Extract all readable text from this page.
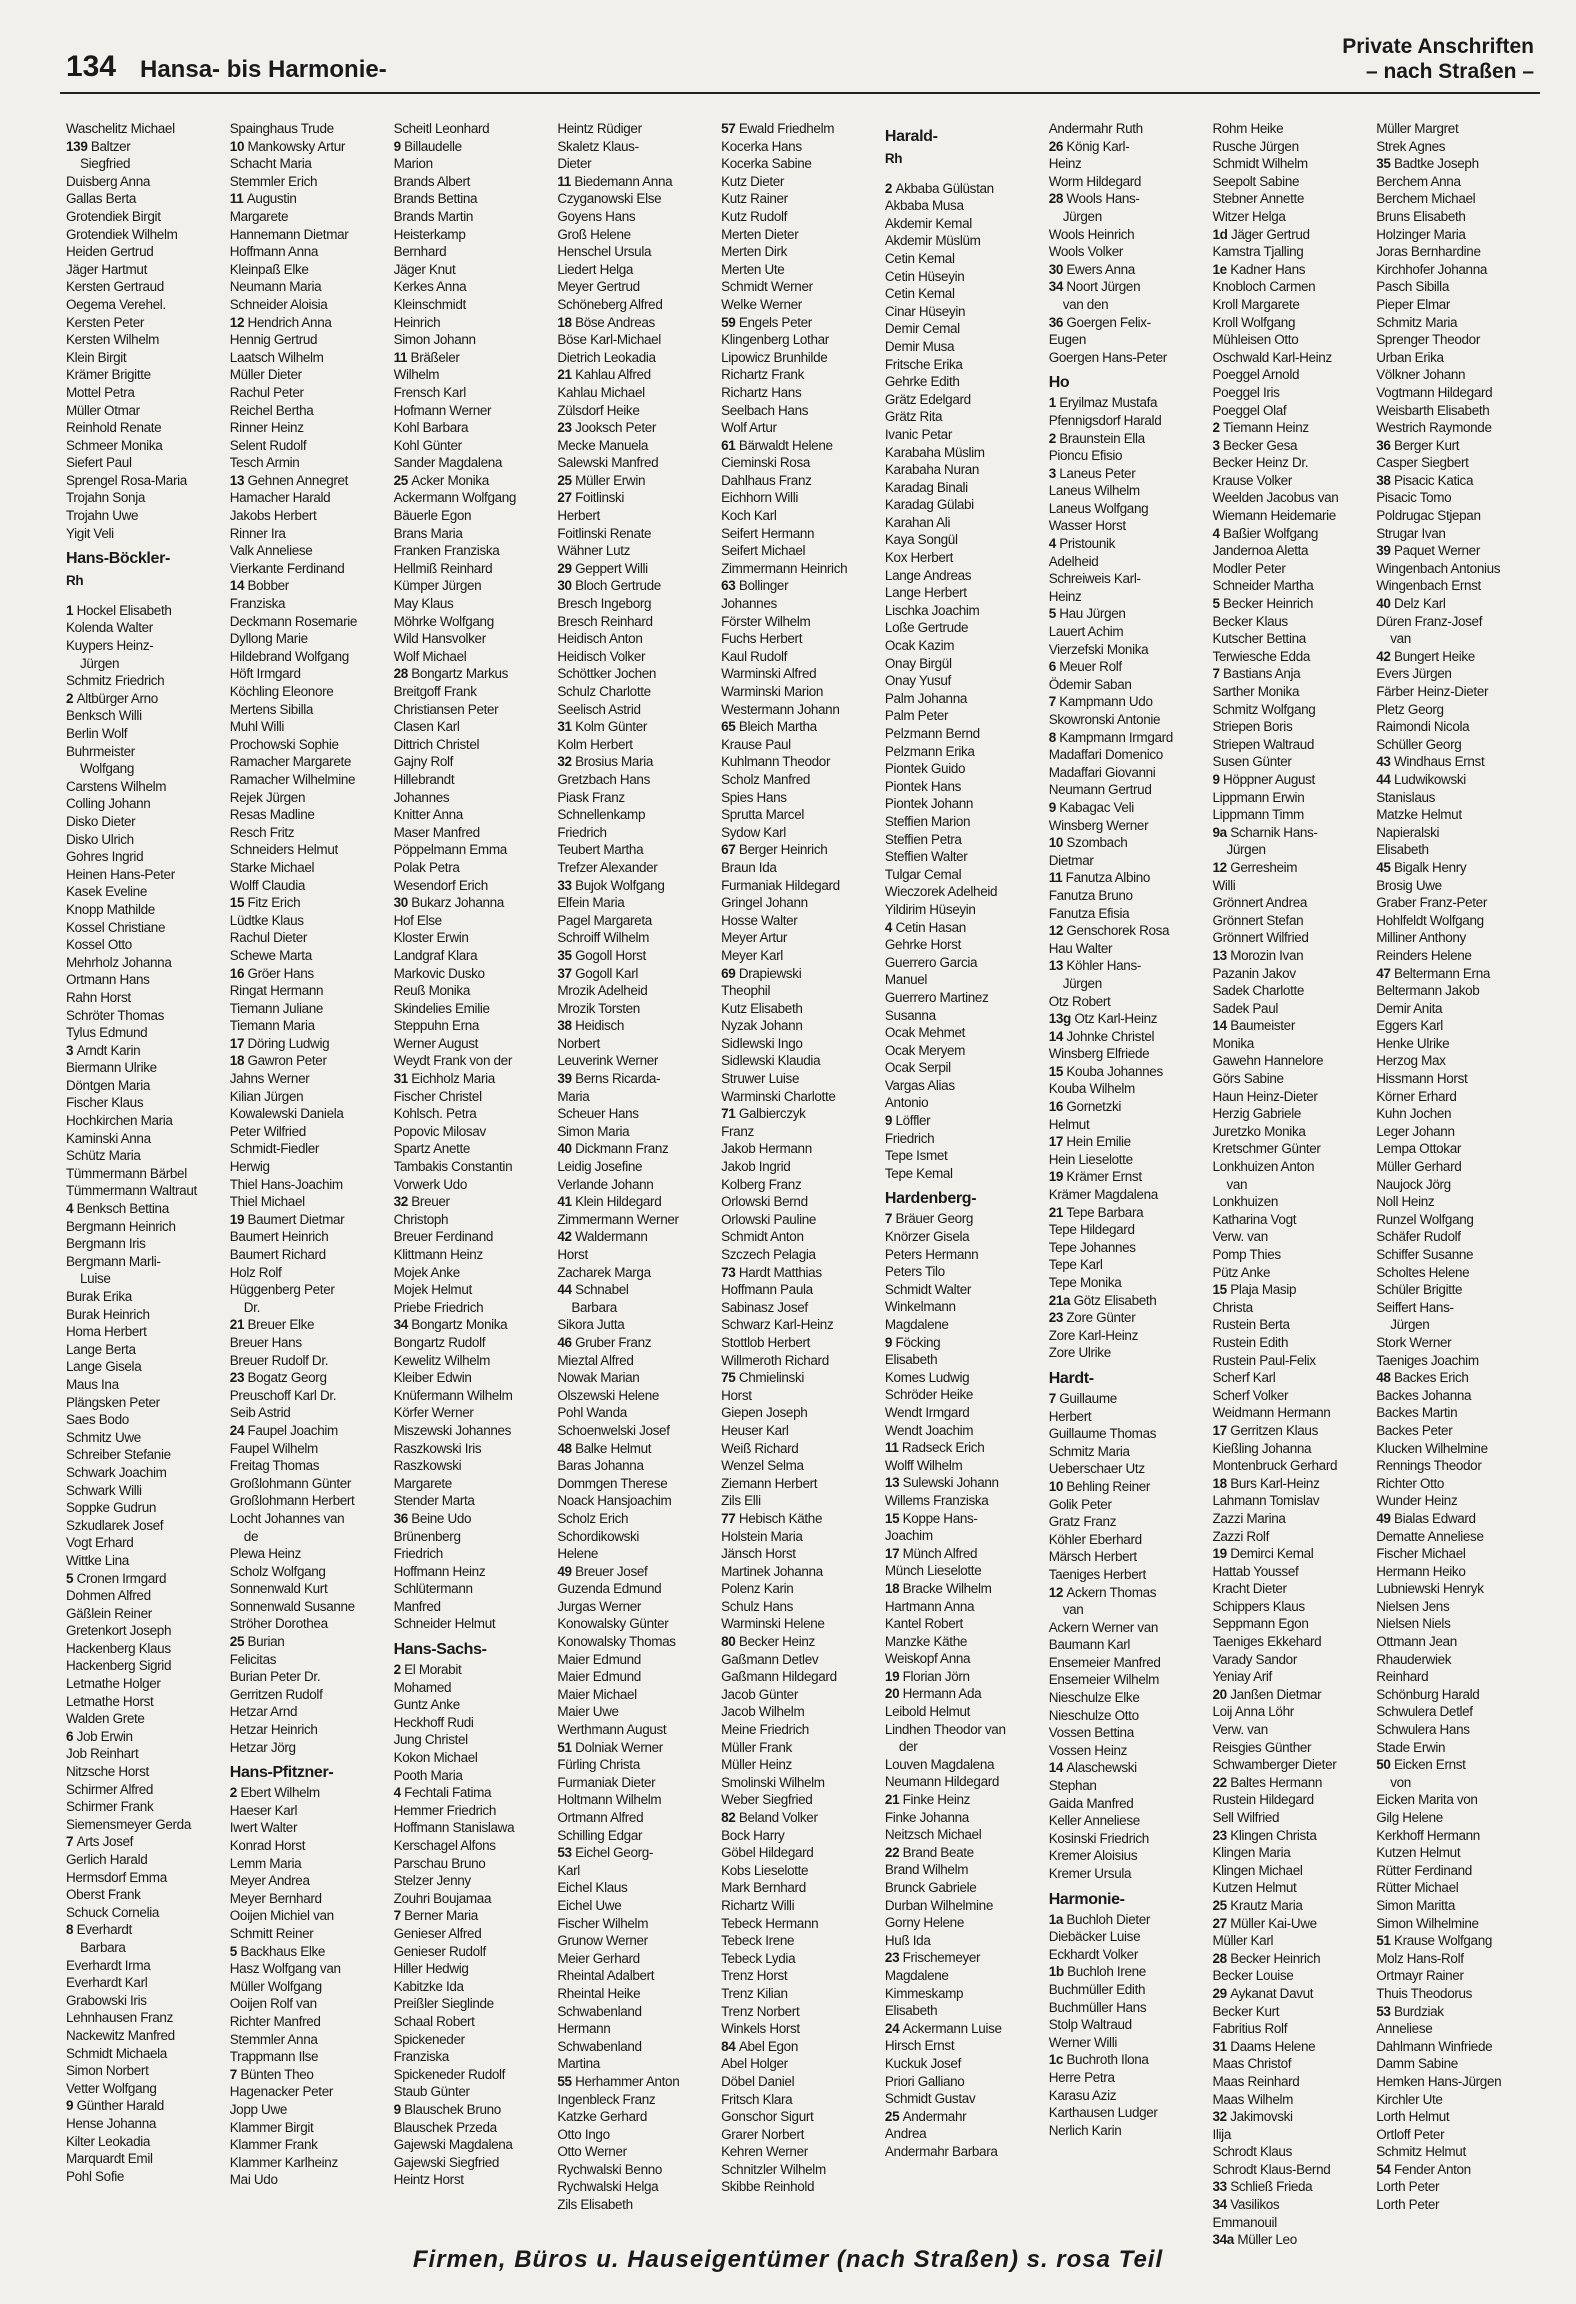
134 Hansa- bis Harmonie-
Private Anschriften
– nach Straßen –
Waschelitz Michael
139 Baltzer
Siegfried
Duisberg Anna
Gallas Berta
Grotendiek Birgit
Grotendiek Wilhelm
Heiden Gertrud
Jäger Hartmut
Kersten Gertraud
Oegema Verehel.
Kersten Peter
Kersten Wilhelm
Klein Birgit
Krämer Brigitte
Mottel Petra
Müller Otmar
Reinhold Renate
Schmeer Monika
Siefert Paul
Sprengel Rosa-Maria
Trojahn Sonja
Trojahn Uwe
Yigit Veli
Hans-Böckler-
Rh
1 Hockel Elisabeth
Kolenda Walter
Kuypers Heinz-
Jürgen
Schmitz Friedrich
2 Altbürger Arno
Benksch Willi
Berlin Wolf
Buhrmeister
Wolfgang
Carstens Wilhelm
Colling Johann
Disko Dieter
Disko Ulrich
Gohres Ingrid
Heinen Hans-Peter
Kasek Eveline
Knopp Mathilde
Kossel Christiane
Kossel Otto
Mehrholz Johanna
Ortmann Hans
Rahn Horst
Schröter Thomas
Tylus Edmund
3 Arndt Karin
Biermann Ulrike
Döntgen Maria
Fischer Klaus
Hochkirchen Maria
Kaminski Anna
Schütz Maria
Tümmermann Bärbel
Tümmermann Waltraut
4 Benksch Bettina
Bergmann Heinrich
Bergmann Iris
Bergmann Marli-
Luise
Burak Erika
Burak Heinrich
Homa Herbert
Lange Berta
Lange Gisela
Maus Ina
Plängsken Peter
Saes Bodo
Schmitz Uwe
Schreiber Stefanie
Schwark Joachim
Schwark Willi
Soppke Gudrun
Szkudlarek Josef
Vogt Erhard
Wittke Lina
5 Cronen Irmgard
Dohmen Alfred
Gäßlein Reiner
Gretenkort Joseph
Hackenberg Klaus
Hackenberg Sigrid
Letmathe Holger
Letmathe Horst
Walden Grete
6 Job Erwin
Job Reinhart
Nitzsche Horst
Schirmer Alfred
Schirmer Frank
Siemensmeyer Gerda
7 Arts Josef
Gerlich Harald
Hermsdorf Emma
Oberst Frank
Schuck Cornelia
8 Everhardt
Barbara
Everhardt Irma
Everhardt Karl
Grabowski Iris
Lehnhausen Franz
Nackewitz Manfred
Schmidt Michaela
Simon Norbert
Vetter Wolfgang
9 Günther Harald
Hense Johanna
Kilter Leokadia
Marquardt Emil
Pohl Sofie
Spainghaus Trude
10 Mankowsky Artur
Schacht Maria
Stemmler Erich
11 Augustin
Margarete
Hannemann Dietmar
Hoffmann Anna
Kleinpaß Elke
Neumann Maria
Schneider Aloisia
12 Hendrich Anna
Hennig Gertrud
Laatsch Wilhelm
Müller Dieter
Rachul Peter
Reichel Bertha
Rinner Heinz
Selent Rudolf
Tesch Armin
13 Gehnen Annegret
Hamacher Harald
Jakobs Herbert
Rinner Ira
Valk Anneliese
Vierkante Ferdinand
14 Bobber
Franziska
Deckmann Rosemarie
Dyllong Marie
Hildebrand Wolfgang
Höft Irmgard
Köchling Eleonore
Mertens Sibilla
Muhl Willi
Prochowski Sophie
Ramacher Margarete
Ramacher Wilhelmine
Rejek Jürgen
Resas Madline
Resch Fritz
Schneiders Helmut
Starke Michael
Wolff Claudia
15 Fitz Erich
Lüdtke Klaus
Rachul Dieter
Schewe Marta
16 Gröer Hans
Ringat Hermann
Tiemann Juliane
Tiemann Maria
17 Döring Ludwig
18 Gawron Peter
Jahns Werner
Kilian Jürgen
Kowalewski Daniela
Peter Wilfried
Schmidt-Fiedler
Herwig
Thiel Hans-Joachim
Thiel Michael
19 Baumert Dietmar
Baumert Heinrich
Baumert Richard
Holz Rolf
Hüggenberg Peter
Dr.
21 Breuer Elke
Breuer Hans
Breuer Rudolf Dr.
23 Bogatz Georg
Preuschoff Karl Dr.
Seib Astrid
24 Faupel Joachim
Faupel Wilhelm
Freitag Thomas
Großlohmann Günter
Großlohmann Herbert
Locht Johannes van
de
Plewa Heinz
Scholz Wolfgang
Sonnenwald Kurt
Sonnenwald Susanne
Ströher Dorothea
25 Burian
Felicitas
Burian Peter Dr.
Gerritzen Rudolf
Hetzar Arnd
Hetzar Heinrich
Hetzar Jörg
Hans-Pfitzner-
2 Ebert Wilhelm
Haeser Karl
Iwert Walter
Konrad Horst
Lemm Maria
Meyer Andrea
Meyer Bernhard
Ooijen Michiel van
Schmitt Reiner
5 Backhaus Elke
Hasz Wolfgang van
Müller Wolfgang
Ooijen Rolf van
Richter Manfred
Stemmler Anna
Trappmann Ilse
7 Bünten Theo
Hagenacker Peter
Jopp Uwe
Klammer Birgit
Klammer Frank
Klammer Karlheinz
Mai Udo
Scheitl Leonhard
9 Billaudelle
Marion
Brands Albert
Brands Bettina
Brands Martin
Heisterkamp
Bernhard
Jäger Knut
Kerkes Anna
Kleinschmidt
Heinrich
Simon Johann
11 Bräßeler
Wilhelm
Frensch Karl
Hofmann Werner
Kohl Barbara
Kohl Günter
Sander Magdalena
25 Acker Monika
Ackermann Wolfgang
Bäuerle Egon
Brans Maria
Franken Franziska
Hellmiß Reinhard
Kümper Jürgen
May Klaus
Möhrke Wolfgang
Wild Hansvolker
Wolf Michael
28 Bongartz Markus
Breitgoff Frank
Christiansen Peter
Clasen Karl
Dittrich Christel
Gajny Rolf
Hillebrandt
Johannes
Knitter Anna
Maser Manfred
Pöppelmann Emma
Polak Petra
Wesendorf Erich
30 Bukarz Johanna
Hof Else
Kloster Erwin
Landgraf Klara
Markovic Dusko
Reuß Monika
Skindelies Emilie
Steppuhn Erna
Werner August
Weydt Frank von der
31 Eichholz Maria
Fischer Christel
Kohlsch. Petra
Popovic Milosav
Spartz Anette
Tambakis Constantin
Vorwerk Udo
32 Breuer
Christoph
Breuer Ferdinand
Klittmann Heinz
Mojek Anke
Mojek Helmut
Priebe Friedrich
34 Bongartz Monika
Bongartz Rudolf
Kewelitz Wilhelm
Kleiber Edwin
Knüfermann Wilhelm
Körfer Werner
Miszewski Johannes
Raszkowski Iris
Raszkowski
Margarete
Stender Marta
36 Beine Udo
Brünenberg
Friedrich
Hoffmann Heinz
Schlütermann
Manfred
Schneider Helmut
Hans-Sachs-
2 El Morabit
Mohamed
Guntz Anke
Heckhoff Rudi
Jung Christel
Kokon Michael
Pooth Maria
4 Fechtali Fatima
Hemmer Friedrich
Hoffmann Stanislawa
Kerschagel Alfons
Parschau Bruno
Stelzer Jenny
Zouhri Boujamaa
7 Berner Maria
Genieser Alfred
Genieser Rudolf
Hiller Hedwig
Kabitzke Ida
Preißler Sieglinde
Schaal Robert
Spickeneder
Franziska
Spickeneder Rudolf
Staub Günter
9 Blauschek Bruno
Blauschek Przeda
Gajewski Magdalena
Gajewski Siegfried
Heintz Horst
Heintz Rüdiger
Skaletz Klaus-
Dieter
11 Biedemann Anna
Czyganowski Else
Goyens Hans
Groß Helene
Henschel Ursula
Liedert Helga
Meyer Gertrud
Schöneberg Alfred
18 Böse Andreas
Böse Karl-Michael
Dietrich Leokadia
21 Kahlau Alfred
Kahlau Michael
Zülsdorf Heike
23 Jooksch Peter
Mecke Manuela
Salewski Manfred
25 Müller Erwin
27 Foitlinski
Herbert
Foitlinski Renate
Wähner Lutz
29 Geppert Willi
30 Bloch Gertrude
Bresch Ingeborg
Bresch Reinhard
Heidisch Anton
Heidisch Volker
Schöttker Jochen
Schulz Charlotte
Seelisch Astrid
31 Kolm Günter
Kolm Herbert
32 Brosius Maria
Gretzbach Hans
Piask Franz
Schnellenkamp
Friedrich
Teubert Martha
Trefzer Alexander
33 Bujok Wolfgang
Elfein Maria
Pagel Margareta
Schroiff Wilhelm
35 Gogoll Horst
37 Gogoll Karl
Mrozik Adelheid
Mrozik Torsten
38 Heidisch
Norbert
Leuverink Werner
39 Berns Ricarda-
Maria
Scheuer Hans
Simon Maria
40 Dickmann Franz
Leidig Josefine
Verlande Johann
41 Klein Hildegard
Zimmermann Werner
42 Waldermann
Horst
Zacharek Marga
44 Schnabel
Barbara
Sikora Jutta
46 Gruber Franz
Mieztal Alfred
Nowak Marian
Olszewski Helene
Pohl Wanda
Schoenwelski Josef
48 Balke Helmut
Baras Johanna
Dommgen Therese
Noack Hansjoachim
Scholz Erich
Schordikowski
Helene
49 Breuer Josef
Guzenda Edmund
Jurgas Werner
Konowalsky Günter
Konowalsky Thomas
Maier Edmund
Maier Edmund
Maier Michael
Maier Uwe
Werthmann August
51 Dolniak Werner
Fürling Christa
Furmaniak Dieter
Holtmann Wilhelm
Ortmann Alfred
Schilling Edgar
53 Eichel Georg-
Karl
Eichel Klaus
Eichel Uwe
Fischer Wilhelm
Grunow Werner
Meier Gerhard
Rheintal Adalbert
Rheintal Heike
Schwabenland
Hermann
Schwabenland
Martina
55 Herhammer Anton
Ingenbleck Franz
Katzke Gerhard
Otto Ingo
Otto Werner
Rychwalski Benno
Rychwalski Helga
Zils Elisabeth
57 Ewald Friedhelm
Kocerka Hans
Kocerka Sabine
Kutz Dieter
Kutz Rainer
Kutz Rudolf
Merten Dieter
Merten Dirk
Merten Ute
Schmidt Werner
Welke Werner
59 Engels Peter
Klingenberg Lothar
Lipowicz Brunhilde
Richartz Frank
Richartz Hans
Seelbach Hans
Wolf Artur
61 Bärwaldt Helene
Cieminski Rosa
Dahlhaus Franz
Eichhorn Willi
Koch Karl
Seifert Hermann
Seifert Michael
Zimmermann Heinrich
63 Bollinger
Johannes
Förster Wilhelm
Fuchs Herbert
Kaul Rudolf
Warminski Alfred
Warminski Marion
Westermann Johann
65 Bleich Martha
Krause Paul
Kuhlmann Theodor
Scholz Manfred
Spies Hans
Sprutta Marcel
Sydow Karl
67 Berger Heinrich
Braun Ida
Furmaniak Hildegard
Gringel Johann
Hosse Walter
Meyer Artur
Meyer Karl
69 Drapiewski
Theophil
Kutz Elisabeth
Nyzak Johann
Sidlewski Ingo
Sidlewski Klaudia
Struwer Luise
Warminski Charlotte
71 Galbierczyk
Franz
Jakob Hermann
Jakob Ingrid
Kolberg Franz
Orlowski Bernd
Orlowski Pauline
Schmidt Anton
Szczech Pelagia
73 Hardt Matthias
Hoffmann Paula
Sabinasz Josef
Schwarz Karl-Heinz
Stottlob Herbert
Willmeroth Richard
75 Chmielinski
Horst
Giepen Joseph
Heuser Karl
Weiß Richard
Wenzel Selma
Ziemann Herbert
Zils Elli
77 Hebisch Käthe
Holstein Maria
Jänsch Horst
Martinek Johanna
Polenz Karin
Schulz Hans
Warminski Helene
80 Becker Heinz
Gaßmann Detlev
Gaßmann Hildegard
Jacob Günter
Jacob Wilhelm
Meine Friedrich
Müller Frank
Müller Heinz
Smolinski Wilhelm
Weber Siegfried
82 Beland Volker
Bock Harry
Göbel Hildegard
Kobs Lieselotte
Mark Bernhard
Richartz Willi
Tebeck Hermann
Tebeck Irene
Tebeck Lydia
Trenz Horst
Trenz Kilian
Trenz Norbert
Winkels Horst
84 Abel Egon
Abel Holger
Döbel Daniel
Fritsch Klara
Gonschor Sigurt
Grarer Norbert
Kehren Werner
Schnitzler Wilhelm
Skibbe Reinhold
Harald-
Rh
2 Akbaba Gülüstan
Akbaba Musa
Akdemir Kemal
Akdemir Müslüm
Cetin Kemal
Cetin Hüseyin
Cetin Kemal
Cinar Hüseyin
Demir Cemal
Demir Musa
Fritsche Erika
Gehrke Edith
Grätz Edelgard
Grätz Rita
Ivanic Petar
Karabaha Müslim
Karabaha Nuran
Karadag Binali
Karadag Gülabi
Karahan Ali
Kaya Songül
Kox Herbert
Lange Andreas
Lange Herbert
Lischka Joachim
Loße Gertrude
Ocak Kazim
Onay Birgül
Onay Yusuf
Palm Johanna
Palm Peter
Pelzmann Bernd
Pelzmann Erika
Piontek Guido
Piontek Hans
Piontek Johann
Steffien Marion
Steffien Petra
Steffien Walter
Tulgar Cemal
Wieczorek Adelheid
Yildirim Hüseyin
4 Cetin Hasan
Gehrke Horst
Guerrero Garcia
Manuel
Guerrero Martinez
Susanna
Ocak Mehmet
Ocak Meryem
Ocak Serpil
Vargas Alias
Antonio
9 Löffler
Friedrich
Tepe Ismet
Tepe Kemal
Hardenberg-
7 Bräuer Georg
Knörzer Gisela
Peters Hermann
Peters Tilo
Schmidt Walter
Winkelmann
Magdalene
9 Föcking
Elisabeth
Komes Ludwig
Schröder Heike
Wendt Irmgard
Wendt Joachim
11 Radseck Erich
Wolff Wilhelm
13 Sulewski Johann
Willems Franziska
15 Koppe Hans-
Joachim
17 Münch Alfred
Münch Lieselotte
18 Bracke Wilhelm
Hartmann Anna
Kantel Robert
Manzke Käthe
Weiskopf Anna
19 Florian Jörn
20 Hermann Ada
Leibold Helmut
Lindhen Theodor van
der
Louven Magdalena
Neumann Hildegard
21 Finke Heinz
Finke Johanna
Neitzsch Michael
22 Brand Beate
Brand Wilhelm
Brunck Gabriele
Durban Wilhelmine
Gorny Helene
Huß Ida
23 Frischemeyer
Magdalene
Kimmeskamp
Elisabeth
24 Ackermann Luise
Hirsch Ernst
Kuckuk Josef
Priori Galliano
Schmidt Gustav
25 Andermahr
Andrea
Andermahr Barbara
Andermahr Ruth
26 König Karl-
Heinz
Worm Hildegard
28 Wools Hans-
Jürgen
Wools Heinrich
Wools Volker
30 Ewers Anna
34 Noort Jürgen
van den
36 Goergen Felix-
Eugen
Goergen Hans-Peter
Ho
1 Eryilmaz Mustafa
Pfennigsdorf Harald
2 Braunstein Ella
Pioncu Efisio
3 Laneus Peter
Laneus Wilhelm
Laneus Wolfgang
Wasser Horst
4 Pristounik
Adelheid
Schreiweis Karl-
Heinz
5 Hau Jürgen
Lauert Achim
Vierzefski Monika
6 Meuer Rolf
Ödemir Saban
7 Kampmann Udo
Skowronski Antonie
8 Kampmann Irmgard
Madaffari Domenico
Madaffari Giovanni
Neumann Gertrud
9 Kabagac Veli
Winsberg Werner
10 Szombach
Dietmar
11 Fanutza Albino
Fanutza Bruno
Fanutza Efisia
12 Genschorek Rosa
Hau Walter
13 Köhler Hans-
Jürgen
Otz Robert
13g Otz Karl-Heinz
14 Johnke Christel
Winsberg Elfriede
15 Kouba Johannes
Kouba Wilhelm
16 Gornetzki
Helmut
17 Hein Emilie
Hein Lieselotte
19 Krämer Ernst
Krämer Magdalena
21 Tepe Barbara
Tepe Hildegard
Tepe Johannes
Tepe Karl
Tepe Monika
21a Götz Elisabeth
23 Zore Günter
Zore Karl-Heinz
Zore Ulrike
Hardt-
7 Guillaume
Herbert
Guillaume Thomas
Schmitz Maria
Ueberschaer Utz
10 Behling Reiner
Golik Peter
Gratz Franz
Köhler Eberhard
Märsch Herbert
Taeniges Herbert
12 Ackern Thomas
van
Ackern Werner van
Baumann Karl
Ensemeier Manfred
Ensemeier Wilhelm
Nieschulze Elke
Nieschulze Otto
Vossen Bettina
Vossen Heinz
14 Alaschewski
Stephan
Gaida Manfred
Keller Anneliese
Kosinski Friedrich
Kremer Aloisius
Kremer Ursula
Harmonie-
1a Buchloh Dieter
Diebäcker Luise
Eckhardt Volker
1b Buchloh Irene
Buchmüller Edith
Buchmüller Hans
Stolp Waltraud
Werner Willi
1c Buchroth Ilona
Herre Petra
Karasu Aziz
Karthausen Ludger
Nerlich Karin
Rohm Heike
Rusche Jürgen
Schmidt Wilhelm
Seepolt Sabine
Stebner Annette
Witzer Helga
1d Jäger Gertrud
Kamstra Tjalling
1e Kadner Hans
Knobloch Carmen
Kroll Margarete
Kroll Wolfgang
Mühleisen Otto
Oschwald Karl-Heinz
Poeggel Arnold
Poeggel Iris
Poeggel Olaf
2 Tiemann Heinz
3 Becker Gesa
Becker Heinz Dr.
Krause Volker
Weelden Jacobus van
Wiemann Heidemarie
4 Baßier Wolfgang
Jandernoa Aletta
Modler Peter
Schneider Martha
5 Becker Heinrich
Becker Klaus
Kutscher Bettina
Terwiesche Edda
7 Bastians Anja
Sarther Monika
Schmitz Wolfgang
Striepen Boris
Striepen Waltraud
Susen Günter
9 Höppner August
Lippmann Erwin
Lippmann Timm
9a Scharnik Hans-
Jürgen
12 Gerresheim
Willi
Grönnert Andrea
Grönnert Stefan
Grönnert Wilfried
13 Morozin Ivan
Pazanin Jakov
Sadek Charlotte
Sadek Paul
14 Baumeister
Monika
Gawehn Hannelore
Görs Sabine
Haun Heinz-Dieter
Herzig Gabriele
Juretzko Monika
Kretschmer Günter
Lonkhuizen Anton
van
Lonkhuizen
Katharina Vogt
Verw. van
Pomp Thies
Pütz Anke
15 Plaja Masip
Christa
Rustein Berta
Rustein Edith
Rustein Paul-Felix
Scherf Karl
Scherf Volker
Weidmann Hermann
17 Gerritzen Klaus
Kießling Johanna
Montenbruck Gerhard
18 Burs Karl-Heinz
Lahmann Tomislav
Zazzi Marina
Zazzi Rolf
19 Demirci Kemal
Hattab Youssef
Kracht Dieter
Schippers Klaus
Seppmann Egon
Taeniges Ekkehard
Varady Sandor
Yeniay Arif
20 Janßen Dietmar
Loij Anna Löhr
Verw. van
Reisgies Günther
Schwamberger Dieter
22 Baltes Hermann
Rustein Hildegard
Sell Wilfried
23 Klingen Christa
Klingen Maria
Klingen Michael
Kutzen Helmut
25 Krautz Maria
27 Müller Kai-Uwe
Müller Karl
28 Becker Heinrich
Becker Louise
29 Aykanat Davut
Becker Kurt
Fabritius Rolf
31 Daams Helene
Maas Christof
Maas Reinhard
Maas Wilhelm
32 Jakimovski
Ilija
Schrodt Klaus
Schrodt Klaus-Bernd
33 Schließ Frieda
34 Vasilikos
Emmanouil
34a Müller Leo
Müller Margret
Strek Agnes
35 Badtke Joseph
Berchem Anna
Berchem Michael
Bruns Elisabeth
Holzinger Maria
Joras Bernhardine
Kirchhofer Johanna
Pasch Sibilla
Pieper Elmar
Schmitz Maria
Sprenger Theodor
Urban Erika
Völkner Johann
Vogtmann Hildegard
Weisbarth Elisabeth
Westrich Raymonde
36 Berger Kurt
Casper Siegbert
38 Pisacic Katica
Pisacic Tomo
Poldrugac Stjepan
Strugar Ivan
39 Paquet Werner
Wingenbach Antonius
Wingenbach Ernst
40 Delz Karl
Düren Franz-Josef
van
42 Bungert Heike
Evers Jürgen
Färber Heinz-Dieter
Pletz Georg
Raimondi Nicola
Schüller Georg
43 Windhaus Ernst
44 Ludwikowski
Stanislaus
Matzke Helmut
Napieralski
Elisabeth
45 Bigalk Henry
Brosig Uwe
Graber Franz-Peter
Hohlfeldt Wolfgang
Milliner Anthony
Reinders Helene
47 Beltermann Erna
Beltermann Jakob
Demir Anita
Eggers Karl
Henke Ulrike
Herzog Max
Hissmann Horst
Körner Erhard
Kuhn Jochen
Leger Johann
Lempa Ottokar
Müller Gerhard
Naujock Jörg
Noll Heinz
Runzel Wolfgang
Schäfer Rudolf
Schiffer Susanne
Scholtes Helene
Schüler Brigitte
Seiffert Hans-
Jürgen
Stork Werner
Taeniges Joachim
48 Backes Erich
Backes Johanna
Backes Martin
Backes Peter
Klucken Wilhelmine
Rennings Theodor
Richter Otto
Wunder Heinz
49 Bialas Edward
Dematte Anneliese
Fischer Michael
Hermann Heiko
Lubniewski Henryk
Nielsen Jens
Nielsen Niels
Ottmann Jean
Rhauderwiek
Reinhard
Schönburg Harald
Schwulera Detlef
Schwulera Hans
Stade Erwin
50 Eicken Ernst
von
Eicken Marita von
Gilg Helene
Kerkhoff Hermann
Kutzen Helmut
Rütter Ferdinand
Rütter Michael
Simon Maritta
Simon Wilhelmine
51 Krause Wolfgang
Molz Hans-Rolf
Ortmayr Rainer
Thuis Theodorus
53 Burdziak
Anneliese
Dahlmann Winfriede
Damm Sabine
Hemken Hans-Jürgen
Kirchler Ute
Lorth Helmut
Ortloff Peter
Schmitz Helmut
54 Fender Anton
Lorth Peter
Lorth Peter
Firmen, Büros u. Hauseigentümer (nach Straßen) s. rosa Teil
